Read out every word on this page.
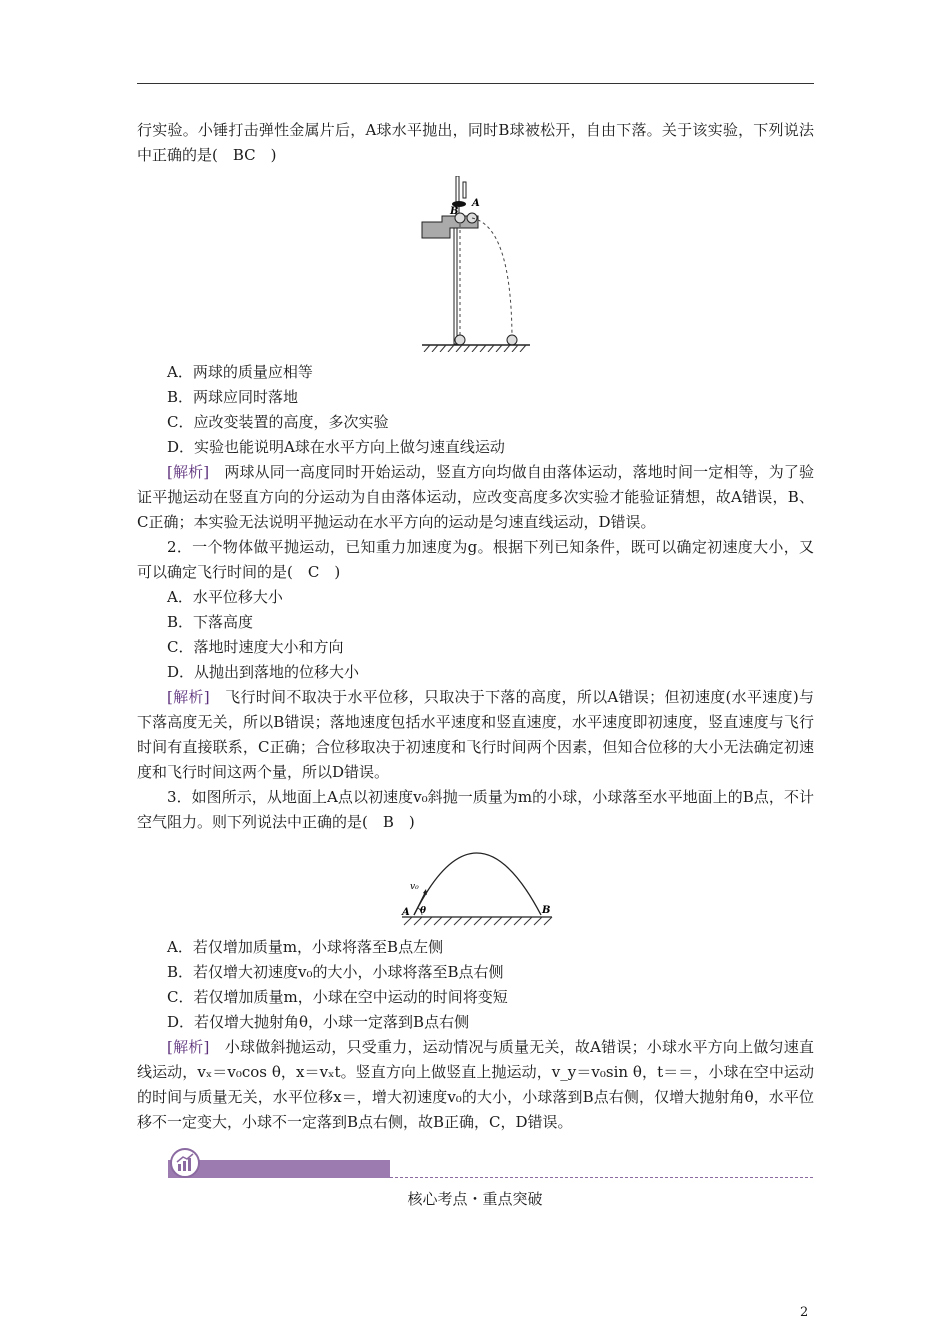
行实验。小锤打击弹性金属片后，A球水平抛出，同时B球被松开，自由下落。关于该实验，下列说法中正确的是(　BC　)

B
A

A．两球的质量应相等

B．两球应同时落地

C．应改变装置的高度，多次实验

D．实验也能说明A球在水平方向上做匀速直线运动

[解析]　两球从同一高度同时开始运动，竖直方向均做自由落体运动，落地时间一定相等，为了验证平抛运动在竖直方向的分运动为自由落体运动，应改变高度多次实验才能验证猜想，故A错误，B、C正确；本实验无法说明平抛运动在水平方向的运动是匀速直线运动，D错误。

2．一个物体做平抛运动，已知重力加速度为g。根据下列已知条件，既可以确定初速度大小，又可以确定飞行时间的是(　C　)

A．水平位移大小

B．下落高度

C．落地时速度大小和方向

D．从抛出到落地的位移大小

[解析]　飞行时间不取决于水平位移，只取决于下落的高度，所以A错误；但初速度(水平速度)与下落高度无关，所以B错误；落地速度包括水平速度和竖直速度，水平速度即初速度，竖直速度与飞行时间有直接联系，C正确；合位移取决于初速度和飞行时间两个因素，但知合位移的大小无法确定初速度和飞行时间这两个量，所以D错误。

3．如图所示，从地面上A点以初速度v₀斜抛一质量为m的小球，小球落至水平地面上的B点，不计空气阻力。则下列说法中正确的是(　B　)

v₀
θ
A	B

A．若仅增加质量m，小球将落至B点左侧

B．若仅增大初速度v₀的大小，小球将落至B点右侧

C．若仅增加质量m，小球在空中运动的时间将变短

D．若仅增大抛射角θ，小球一定落到B点右侧

[解析]　小球做斜抛运动，只受重力，运动情况与质量无关，故A错误；小球水平方向上做匀速直线运动，vₓ＝v₀cos θ，x＝vₓt。竖直方向上做竖直上抛运动，v_y＝v₀sin θ，t＝＝，小球在空中运动的时间与质量无关，水平位移x＝，增大初速度v₀的大小，小球落到B点右侧，仅增大抛射角θ，水平位移不一定变大，小球不一定落到B点右侧，故B正确，C，D错误。

核心考点・重点突破
2
